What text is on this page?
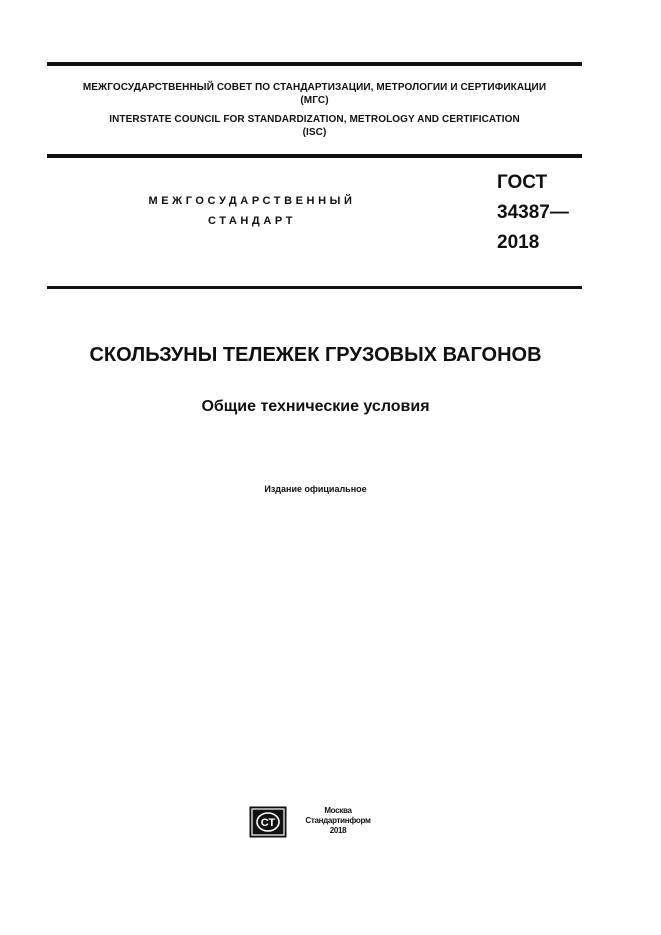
МЕЖГОСУДАРСТВЕННЫЙ СОВЕТ ПО СТАНДАРТИЗАЦИИ, МЕТРОЛОГИИ И СЕРТИФИКАЦИИ
(МГС)
INTERSTATE COUNCIL FOR STANDARDIZATION, METROLOGY AND CERTIFICATION
(ISC)
МЕЖГОСУДАРСТВЕННЫЙ
СТАНДАРТ
ГОСТ
34387—
2018
СКОЛЬЗУНЫ ТЕЛЕЖЕК ГРУЗОВЫХ ВАГОНОВ
Общие технические условия
Издание официальное
СТ
Москва
Стандартинформ
2018
